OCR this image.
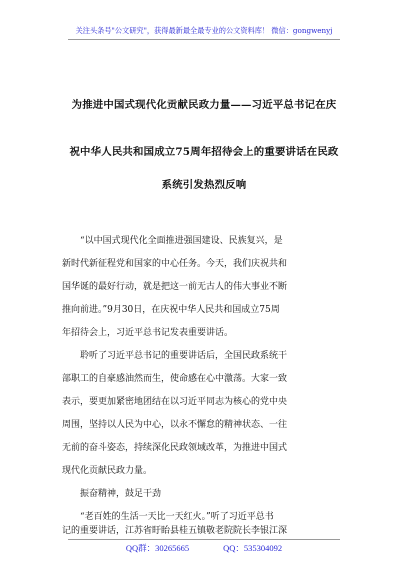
关注头条号"公文研究"，获得最新最全最专业的公文资料库！ 微信：gongwenyj
为推进中国式现代化贡献民政力量——习近平总书记在庆
祝中华人民共和国成立75周年招待会上的重要讲话在民政
系统引发热烈反响
　　“以中国式现代化全面推进强国建设、民族复兴，是
新时代新征程党和国家的中心任务。今天，我们庆祝共和
国华诞的最好行动，就是把这一前无古人的伟大事业不断
推向前进。”9月30日，在庆祝中华人民共和国成立75周
年招待会上，习近平总书记发表重要讲话。
　　聆听了习近平总书记的重要讲话后，全国民政系统干
部职工的自豪感油然而生，使命感在心中激荡。大家一致
表示，要更加紧密地团结在以习近平同志为核心的党中央
周围，坚持以人民为中心，以永不懈怠的精神状态、一往
无前的奋斗姿态，持续深化民政领域改革，为推进中国式
现代化贡献民政力量。
　　振奋精神，鼓足干劲
　　“老百姓的生活一天比一天红火。”听了习近平总书
记的重要讲话，江苏省盱眙县桂五镇敬老院院长李银江深
QQ群：30265665　　　　QQ：535304092
